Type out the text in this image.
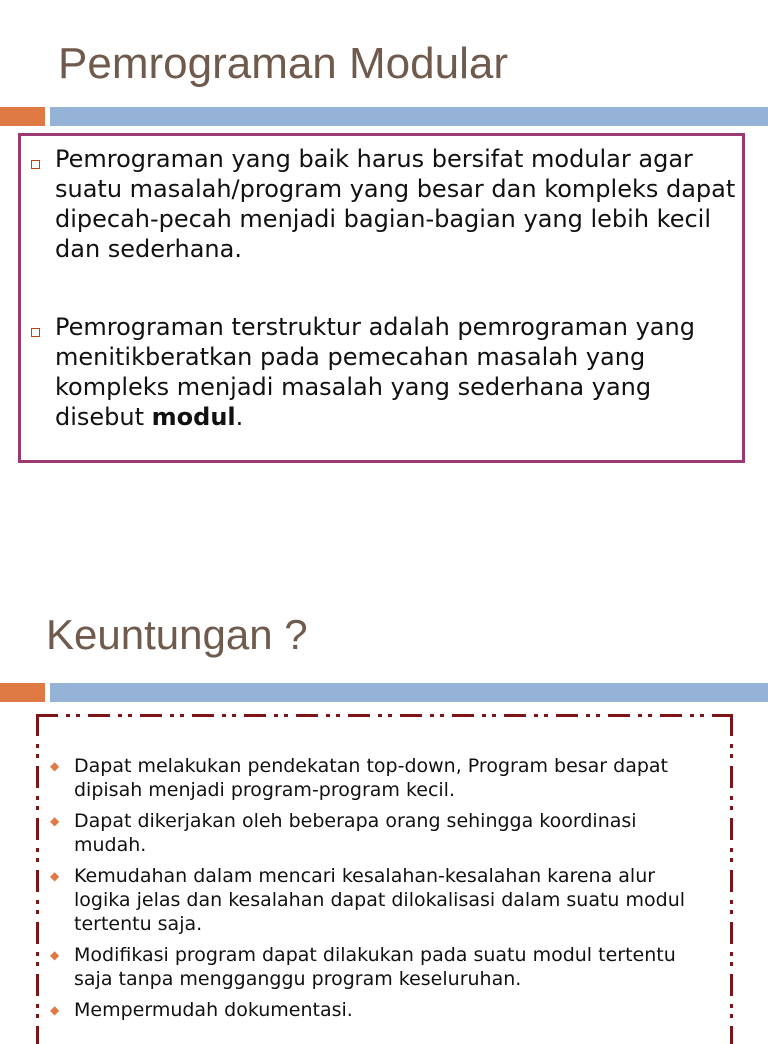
Pemrograman Modular
Pemrograman yang baik harus bersifat modular agar suatu masalah/program yang besar dan kompleks dapat dipecah-pecah menjadi bagian-bagian yang lebih kecil dan sederhana.
Pemrograman terstruktur adalah pemrograman yang menitikberatkan pada pemecahan masalah yang kompleks menjadi masalah yang sederhana yang disebut modul.
Keuntungan ?
◆ Dapat melakukan pendekatan top-down, Program besar dapat dipisah menjadi program-program kecil.
◆ Dapat dikerjakan oleh beberapa orang sehingga koordinasi mudah.
◆ Kemudahan dalam mencari kesalahan-kesalahan karena alur logika jelas dan kesalahan dapat dilokalisasi dalam suatu modul tertentu saja.
◆ Modifikasi program dapat dilakukan pada suatu modul tertentu saja tanpa mengganggu program keseluruhan.
◆ Mempermudah dokumentasi.
